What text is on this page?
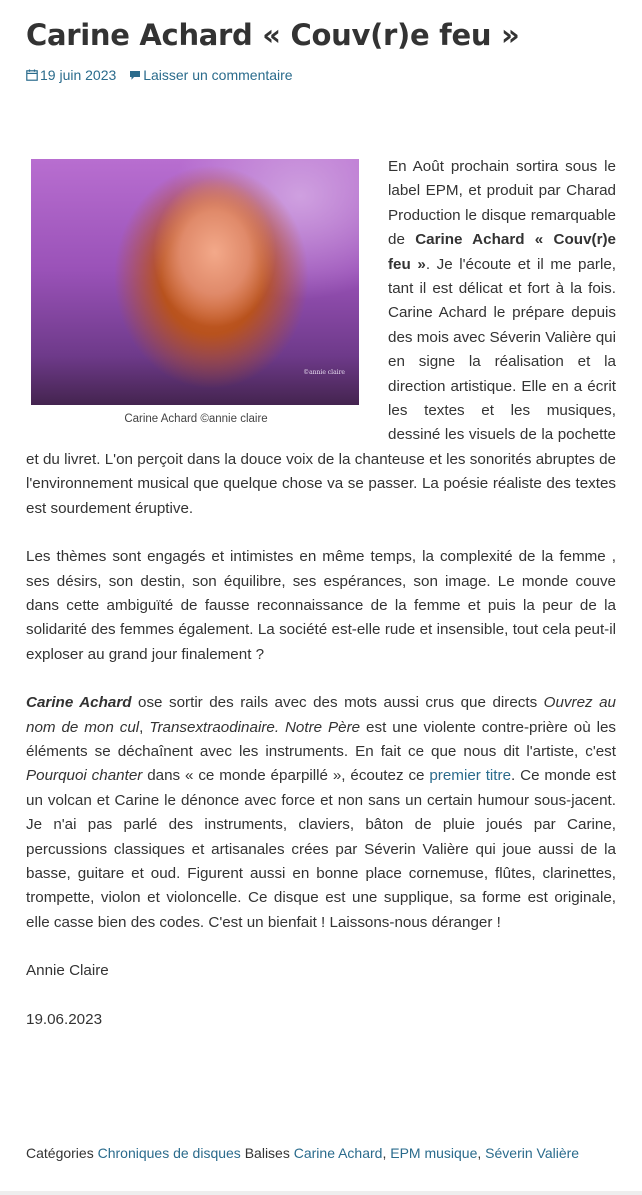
Carine Achard « Couv(r)e feu »
19 juin 2023 Laisser un commentaire
©annie claire
Carine Achard ©annie claire

En Août prochain sortira sous le label EPM, et produit par Charad Production le disque remarquable de Carine Achard « Couv(r)e feu ». Je l'écoute et il me parle, tant il est délicat et fort à la fois. Carine Achard le prépare depuis des mois avec Séverin Valière qui en signe la réalisation et la direction artistique. Elle en a écrit les textes et les musiques, dessiné les visuels de la pochette et du livret. L'on perçoit dans la douce voix de la chanteuse et les sonorités abruptes de l'environnement musical que quelque chose va se passer. La poésie réaliste des textes est sourdement éruptive.

Les thèmes sont engagés et intimistes en même temps, la complexité de la femme , ses désirs, son destin, son équilibre, ses espérances, son image. Le monde couve dans cette ambiguïté de fausse reconnaissance de la femme et puis la peur de la solidarité des femmes également. La société est-elle rude et insensible, tout cela peut-il exploser au grand jour finalement ?

Carine Achard ose sortir des rails avec des mots aussi crus que directs Ouvrez au nom de mon cul, Transextraodinaire. Notre Père est une violente contre-prière où les éléments se déchaînent avec les instruments. En fait ce que nous dit l'artiste, c'est Pourquoi chanter dans « ce monde éparpillé », écoutez ce premier titre. Ce monde est un volcan et Carine le dénonce avec force et non sans un certain humour sous-jacent. Je n'ai pas parlé des instruments, claviers, bâton de pluie joués par Carine, percussions classiques et artisanales crées par Séverin Valière qui joue aussi de la basse, guitare et oud. Figurent aussi en bonne place cornemuse, flûtes, clarinettes, trompette, violon et violoncelle. Ce disque est une supplique, sa forme est originale, elle casse bien des codes. C'est un bienfait ! Laissons-nous déranger !

Annie Claire

19.06.2023

Catégories Chroniques de disques Balises Carine Achard, EPM musique, Séverin Valière
